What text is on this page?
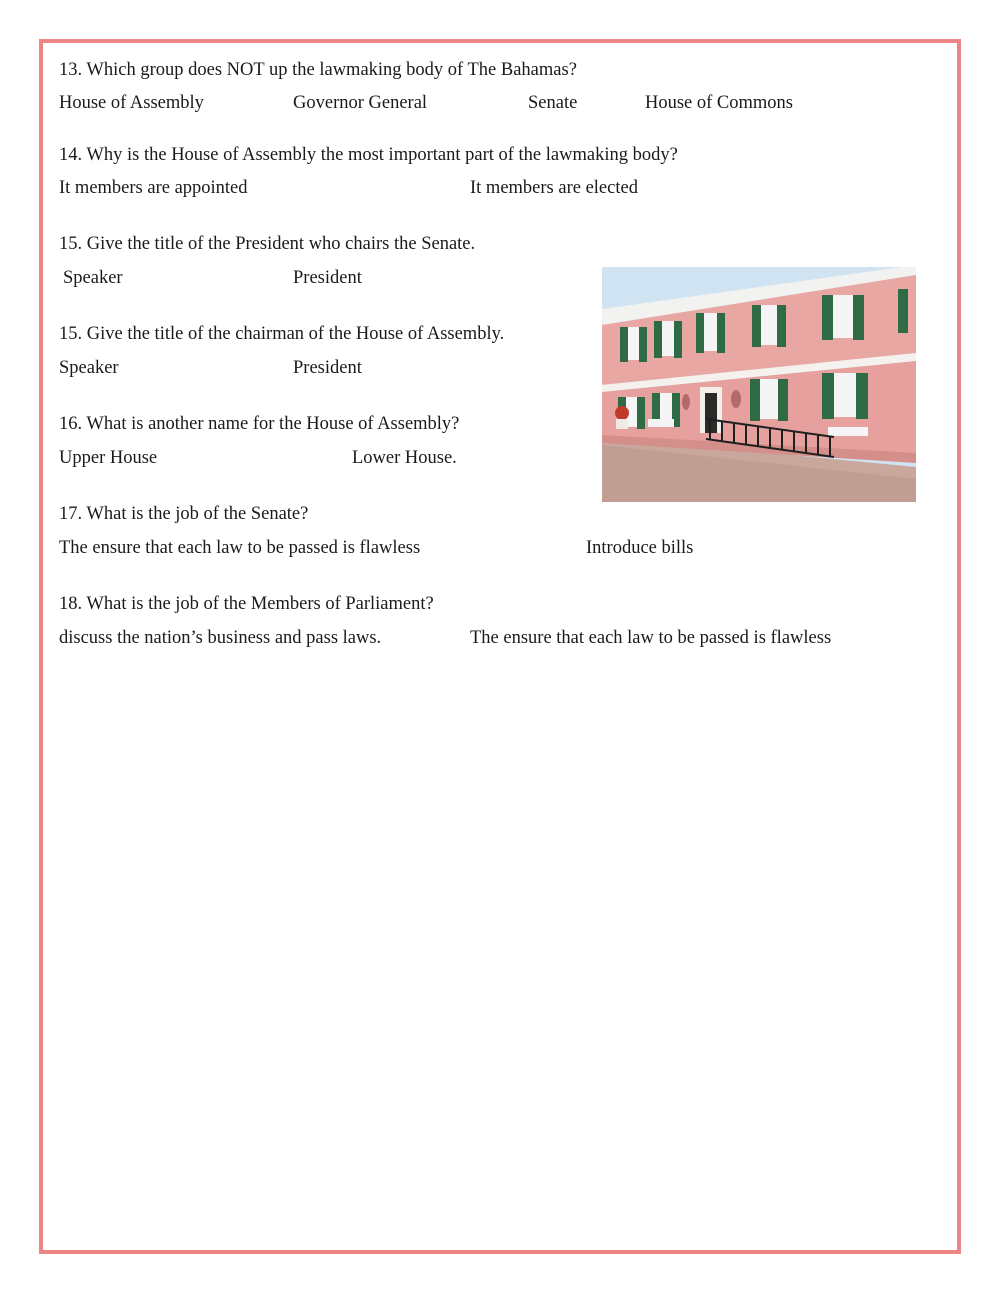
13. Which group does NOT up the lawmaking body of The Bahamas?
House of Assembly	Governor General	Senate	House of Commons
14. Why is the House of Assembly the most important part of the lawmaking body?
It members are appointed	It members are elected
15. Give the title of the President who chairs the Senate.
Speaker	President
15. Give the title of the chairman of the House of Assembly.
Speaker	President
16. What is another name for the House of Assembly?
Upper House	Lower House.
17. What is the job of the Senate?
The ensure that each law to be passed is flawless	Introduce bills
18. What is the job of the Members of Parliament?
discuss the nation’s business and pass laws.	The ensure that each law to be passed is flawless
